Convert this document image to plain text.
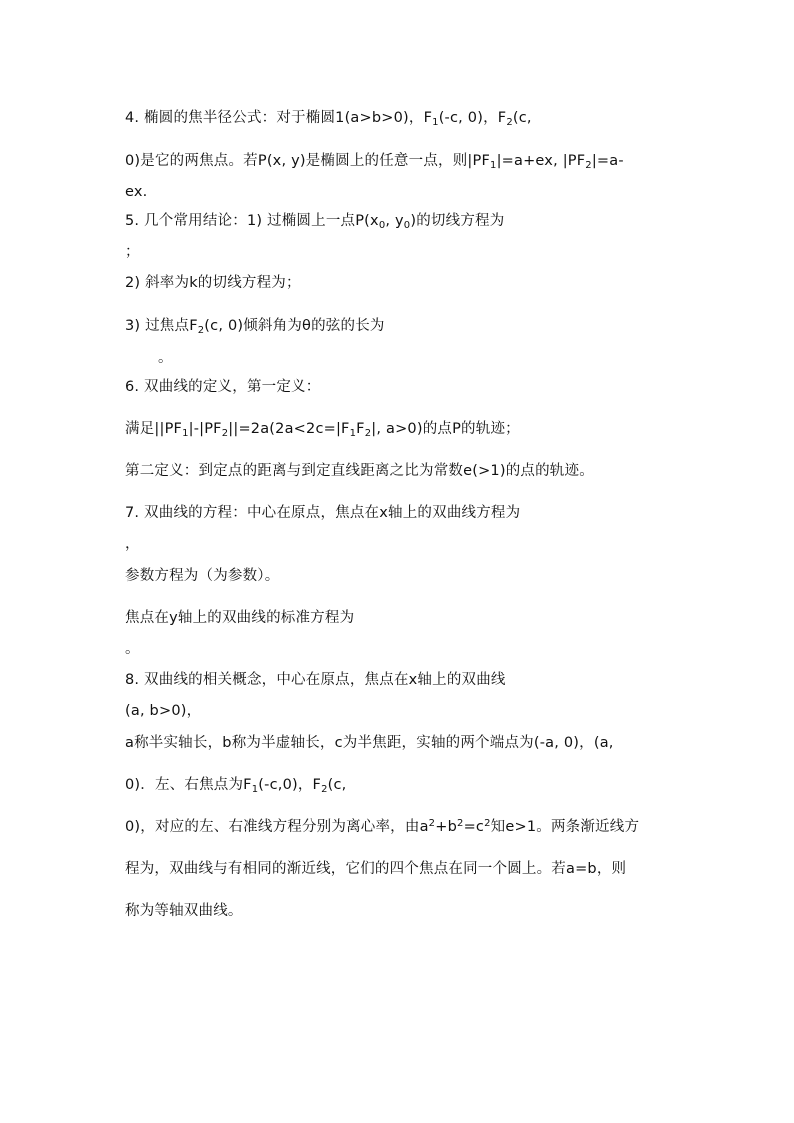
4. 椭圆的焦半径公式：对于椭圆1(a>b>0)，$F_1(-c$, 0)，$F_2(c$,
0)是它的两焦点。若P(x, y)是椭圆上的任意一点，则$|PF_1|=a+ex$, $|PF_2|=a-$
ex.
5. 几个常用结论：1) 过椭圆上一点$P(x_0$, $y_0$)的切线方程为
；
2) 斜率为k的切线方程为；
3) 过焦点$F_2(c$, 0)倾斜角为θ的弦的长为
。
6. 双曲线的定义，第一定义：
满足$||PF_1|-|PF_2||=2a(2a<2c=|F_1F_2|$, a>0)的点P的轨迹；
第二定义：到定点的距离与到定直线距离之比为常数e(>1)的点的轨迹。
7. 双曲线的方程：中心在原点，焦点在x轴上的双曲线方程为
，
参数方程为（为参数）。
焦点在y轴上的双曲线的标准方程为
。
8. 双曲线的相关概念，中心在原点，焦点在x轴上的双曲线
(a, b>0)，
a称半实轴长，b称为半虚轴长，c为半焦距，实轴的两个端点为(-a, 0)，(a,
0)．左、右焦点为$F_1(-c,0)$，$F_2(c$,
0)，对应的左、右准线方程分别为离心率，由$a^2+b^2=c^2$知e>1。两条渐近线方
程为，双曲线与有相同的渐近线，它们的四个焦点在同一个圆上。若a=b，则
称为等轴双曲线。
